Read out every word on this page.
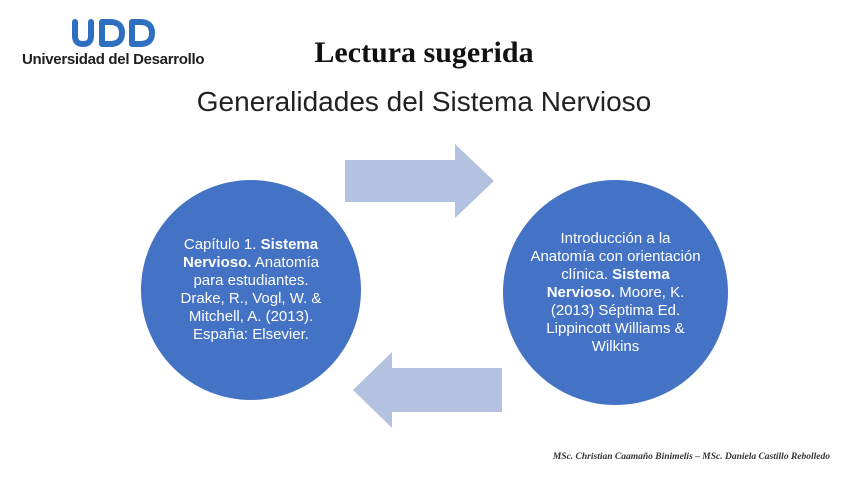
Universidad del Desarrollo	Lectura sugerida
Generalidades del Sistema Nervioso
Capítulo 1. Sistema Nervioso. Anatomía para estudiantes. Drake, R., Vogl, W. & Mitchell, A. (2013). España: Elsevier.
Introducción a la Anatomía con orientación clínica. Sistema Nervioso. Moore, K. (2013) Séptima Ed. Lippincott Williams & Wilkins
MSc. Christian Caamaño Binimelis – MSc. Daniela Castillo Rebolledo
